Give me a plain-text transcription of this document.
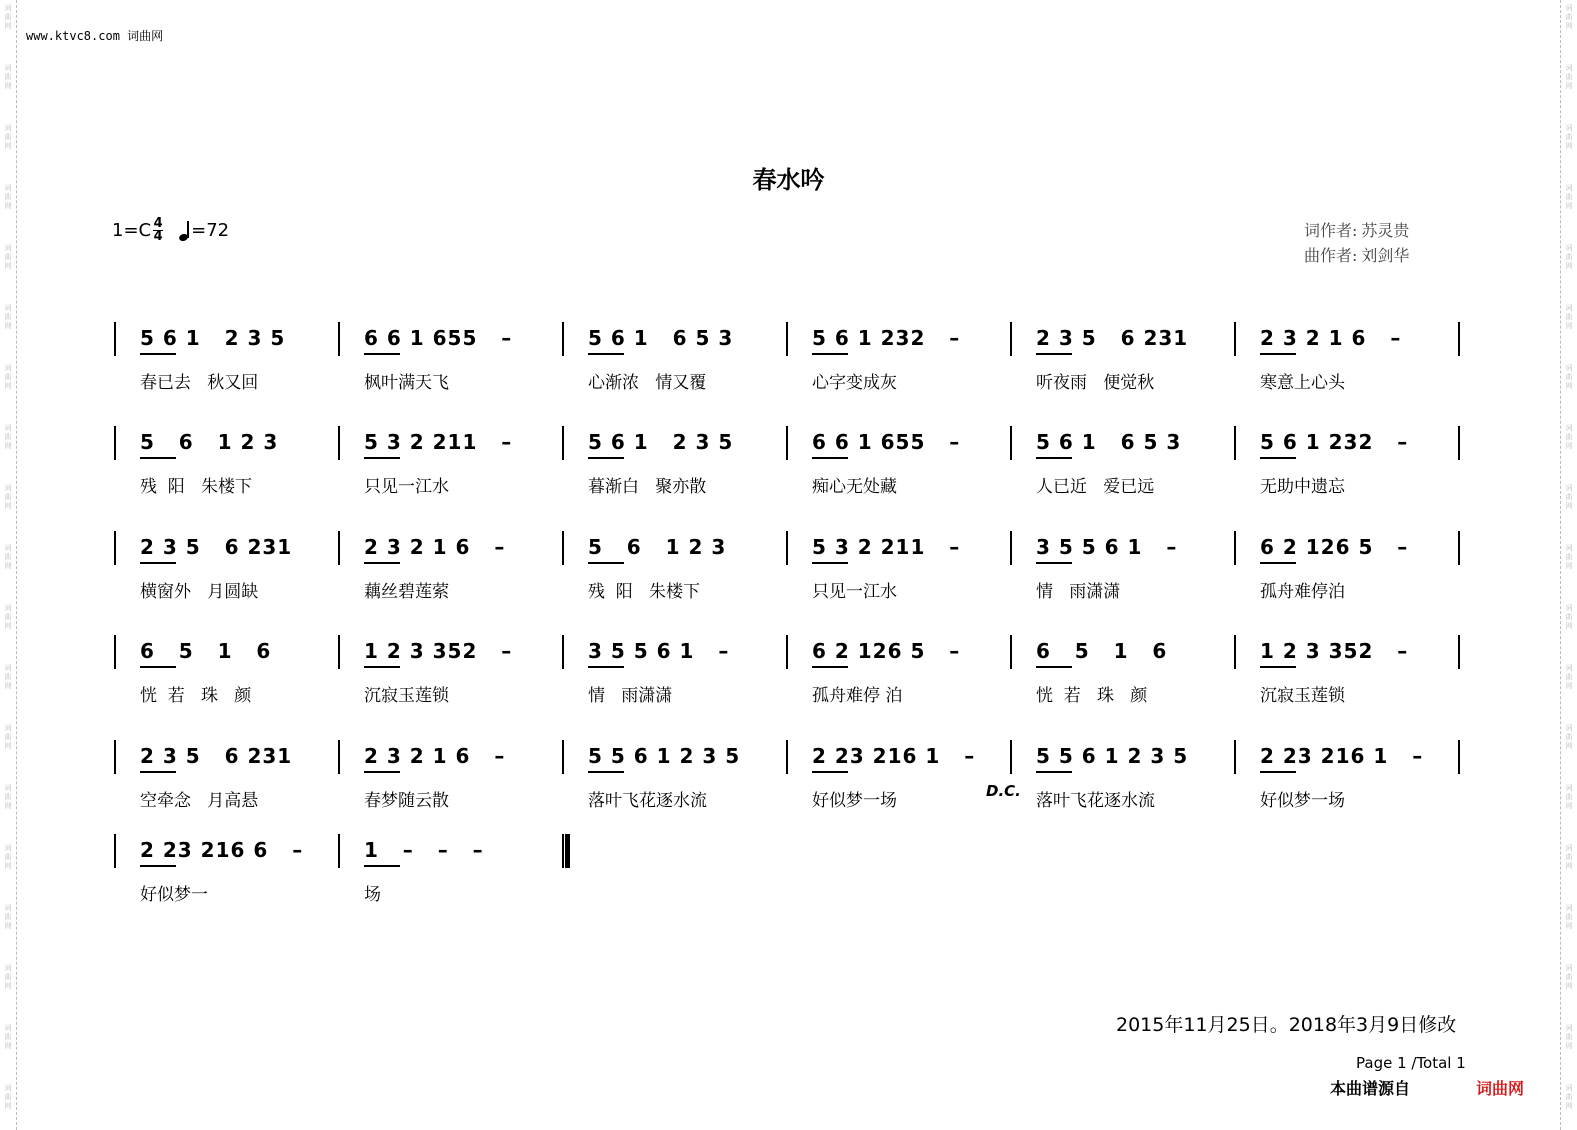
词
曲
网
词
曲
网
词
曲
网
词
曲
网
词
曲
网
词
曲
网
词
曲
网
词
曲
网
词
曲
网
词
曲
网
词
曲
网
词
曲
网
词
曲
网
词
曲
网
词
曲
网
词
曲
网
词
曲
网
词
曲
网
词
曲
网
词
曲
网
词
曲
网
词
曲
网
词
曲
网
词
曲
网
词
曲
网
词
曲
网
词
曲
网
词
曲
网
词
曲
网
词
曲
网
词
曲
网
词
曲
网
词
曲
网
词
曲
网
词
曲
网
词
曲
网
词
曲
网
词
曲
网
www.ktvc8.com 词曲网
春水吟
$1=C \frac{4}{4} =72$	词作者: 苏灵贵
曲作者: 刘剑华
5 6 1   2 3 5
春已去   秋又回
6 6 1 655   –
枫叶满天飞
5 6 1   6 5 3
心渐浓   情又覆
5 6 1 232   –
心字变成灰
2 3 5   6 231
听夜雨   便觉秋
2 3 2 1 6   –
寒意上心头
5   6   1 2 3
残  阳   朱楼下
5 3 2 211   –
只见一江水
5 6 1   2 3 5
暮渐白   聚亦散
6 6 1 655   –
痴心无处藏
5 6 1   6 5 3
人已近   爱已远
5 6 1 232   –
无助中遗忘
2 3 5   6 231
横窗外   月圆缺
2 3 2 1 6   –
藕丝碧莲萦
5   6   1 2 3
残  阳   朱楼下
5 3 2 211   –
只见一江水
3 5 5 6 1   –
情   雨潇潇
6 2 126 5   –
孤舟难停泊
6   5   1   6
恍  若   珠   颜
1 2 3 352   –
沉寂玉莲锁
3 5 5 6 1   –
情   雨潇潇
6 2 126 5   –
孤舟难停 泊
6   5   1   6
恍  若   珠   颜
1 2 3 352   –
沉寂玉莲锁
2 3 5   6 231
空牵念   月高悬
2 3 2 1 6   –
春梦随云散
5 5 6 1 2 3 5
落叶飞花逐水流
2 23 216 1   –
好似梦一场
5 5 6 1 2 3 5
落叶飞花逐水流
D.C.
2 23 216 1   –
好似梦一场
2 23 216 6   –
好似梦一
1   –   –   –
场
2015年11月25日。2018年3月9日修改
Page 1 /Total 1
本曲谱源自	词曲网
